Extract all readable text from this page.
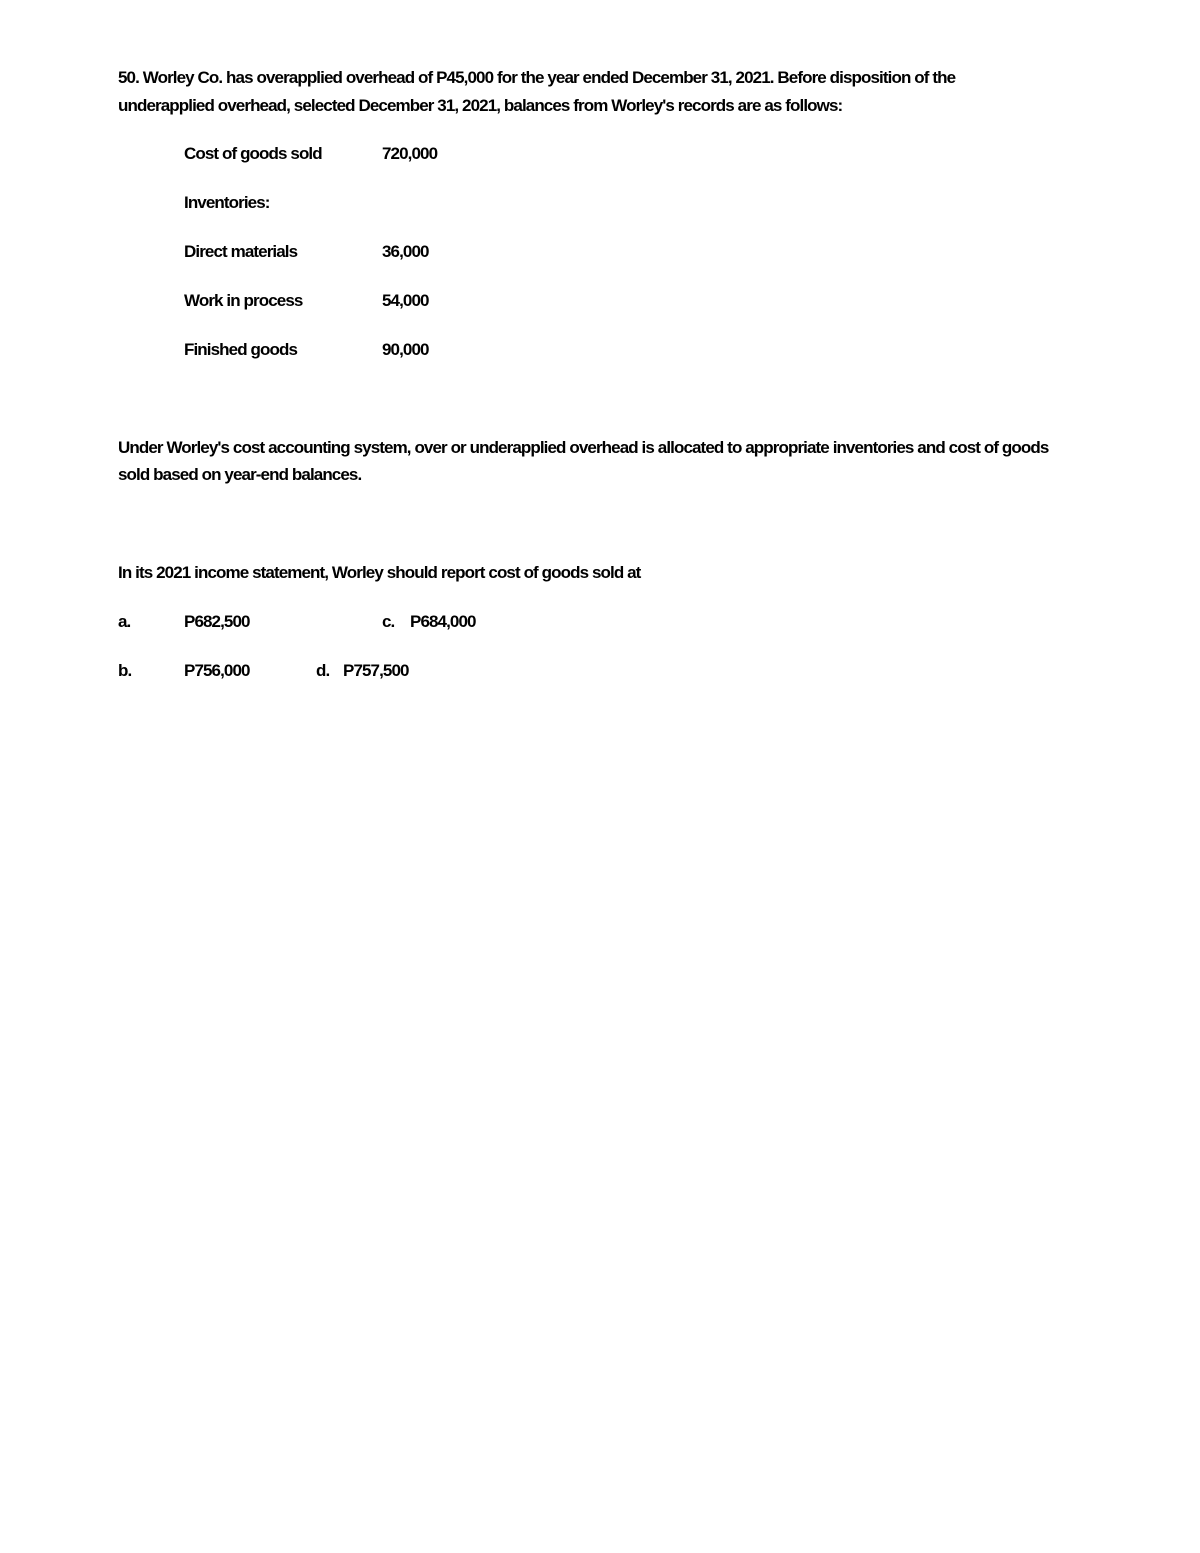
50. Worley Co. has overapplied overhead of P45,000 for the year ended December 31, 2021. Before disposition of the
underapplied overhead, selected December 31, 2021, balances from Worley's records are as follows:
Cost of goods sold	720,000
Inventories:
Direct materials	36,000
Work in process	54,000
Finished goods	90,000
Under Worley's cost accounting system, over or underapplied overhead is allocated to appropriate inventories and cost of goods
sold based on year-end balances.
In its 2021 income statement, Worley should report cost of goods sold at
a.	P682,500	c. P684,000
b.	P756,000	d. P757,500
